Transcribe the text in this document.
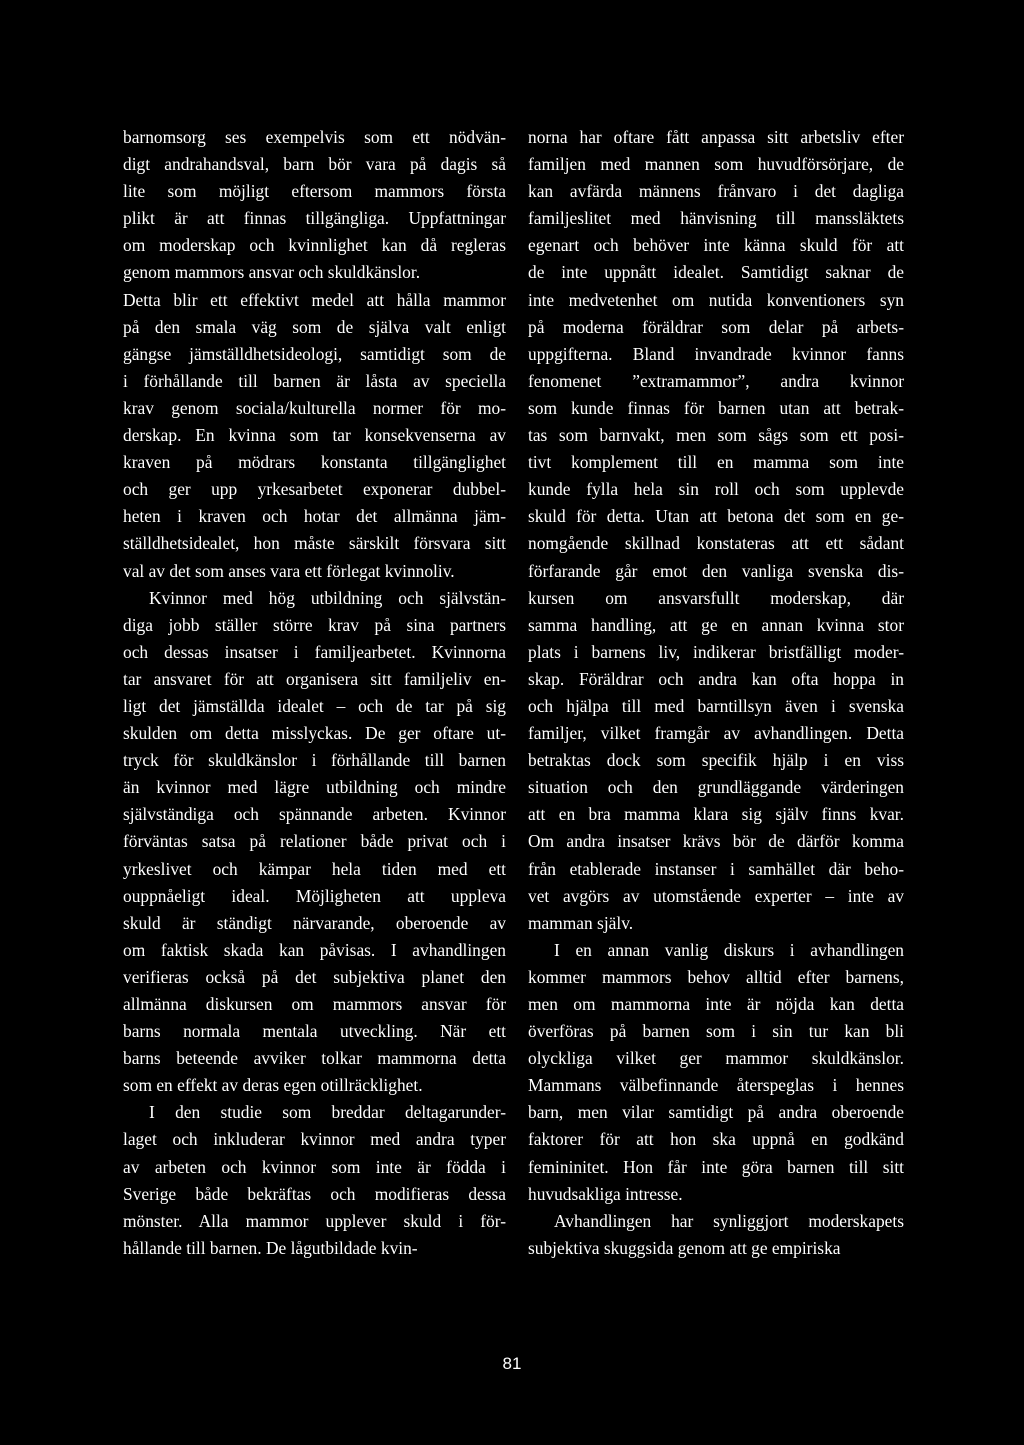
barnomsorg ses exempelvis som ett nödvän-
digt andrahandsval, barn bör vara på dagis så
lite som möjligt eftersom mammors första
plikt är att finnas tillgängliga. Uppfattningar
om moderskap och kvinnlighet kan då regleras
genom mammors ansvar och skuldkänslor.
Detta blir ett effektivt medel att hålla mammor
på den smala väg som de själva valt enligt
gängse jämställdhetsideologi, samtidigt som de
i förhållande till barnen är låsta av speciella
krav genom sociala/kulturella normer för mo-
derskap. En kvinna som tar konsekvenserna av
kraven på mödrars konstanta tillgänglighet
och ger upp yrkesarbetet exponerar dubbel-
heten i kraven och hotar det allmänna jäm-
ställdhetsidealet, hon måste särskilt försvara sitt
val av det som anses vara ett förlegat kvinnoliv.
Kvinnor med hög utbildning och självstän-
diga jobb ställer större krav på sina partners
och dessas insatser i familjearbetet. Kvinnorna
tar ansvaret för att organisera sitt familjeliv en-
ligt det jämställda idealet – och de tar på sig
skulden om detta misslyckas. De ger oftare ut-
tryck för skuldkänslor i förhållande till barnen
än kvinnor med lägre utbildning och mindre
självständiga och spännande arbeten. Kvinnor
förväntas satsa på relationer både privat och i
yrkeslivet och kämpar hela tiden med ett
ouppnåeligt ideal. Möjligheten att uppleva
skuld är ständigt närvarande, oberoende av
om faktisk skada kan påvisas. I avhandlingen
verifieras också på det subjektiva planet den
allmänna diskursen om mammors ansvar för
barns normala mentala utveckling. När ett
barns beteende avviker tolkar mammorna detta
som en effekt av deras egen otillräcklighet.
I den studie som breddar deltagarunder-
laget och inkluderar kvinnor med andra typer
av arbeten och kvinnor som inte är födda i
Sverige både bekräftas och modifieras dessa
mönster. Alla mammor upplever skuld i för-
hållande till barnen. De lågutbildade kvin-
norna har oftare fått anpassa sitt arbetsliv efter
familjen med mannen som huvudförsörjare, de
kan avfärda männens frånvaro i det dagliga
familjeslitet med hänvisning till manssläktets
egenart och behöver inte känna skuld för att
de inte uppnått idealet. Samtidigt saknar de
inte medvetenhet om nutida konventioners syn
på moderna föräldrar som delar på arbets-
uppgifterna. Bland invandrade kvinnor fanns
fenomenet ”extramammor”, andra kvinnor
som kunde finnas för barnen utan att betrak-
tas som barnvakt, men som sågs som ett posi-
tivt komplement till en mamma som inte
kunde fylla hela sin roll och som upplevde
skuld för detta. Utan att betona det som en ge-
nomgående skillnad konstateras att ett sådant
förfarande går emot den vanliga svenska dis-
kursen om ansvarsfullt moderskap, där
samma handling, att ge en annan kvinna stor
plats i barnens liv, indikerar bristfälligt moder-
skap. Föräldrar och andra kan ofta hoppa in
och hjälpa till med barntillsyn även i svenska
familjer, vilket framgår av avhandlingen. Detta
betraktas dock som specifik hjälp i en viss
situation och den grundläggande värderingen
att en bra mamma klara sig själv finns kvar.
Om andra insatser krävs bör de därför komma
från etablerade instanser i samhället där beho-
vet avgörs av utomstående experter – inte av
mamman själv.
I en annan vanlig diskurs i avhandlingen
kommer mammors behov alltid efter barnens,
men om mammorna inte är nöjda kan detta
överföras på barnen som i sin tur kan bli
olyckliga vilket ger mammor skuldkänslor.
Mammans välbefinnande återspeglas i hennes
barn, men vilar samtidigt på andra oberoende
faktorer för att hon ska uppnå en godkänd
femininitet. Hon får inte göra barnen till sitt
huvudsakliga intresse.
Avhandlingen har synliggjort moderskapets
subjektiva skuggsida genom att ge empiriska
81
